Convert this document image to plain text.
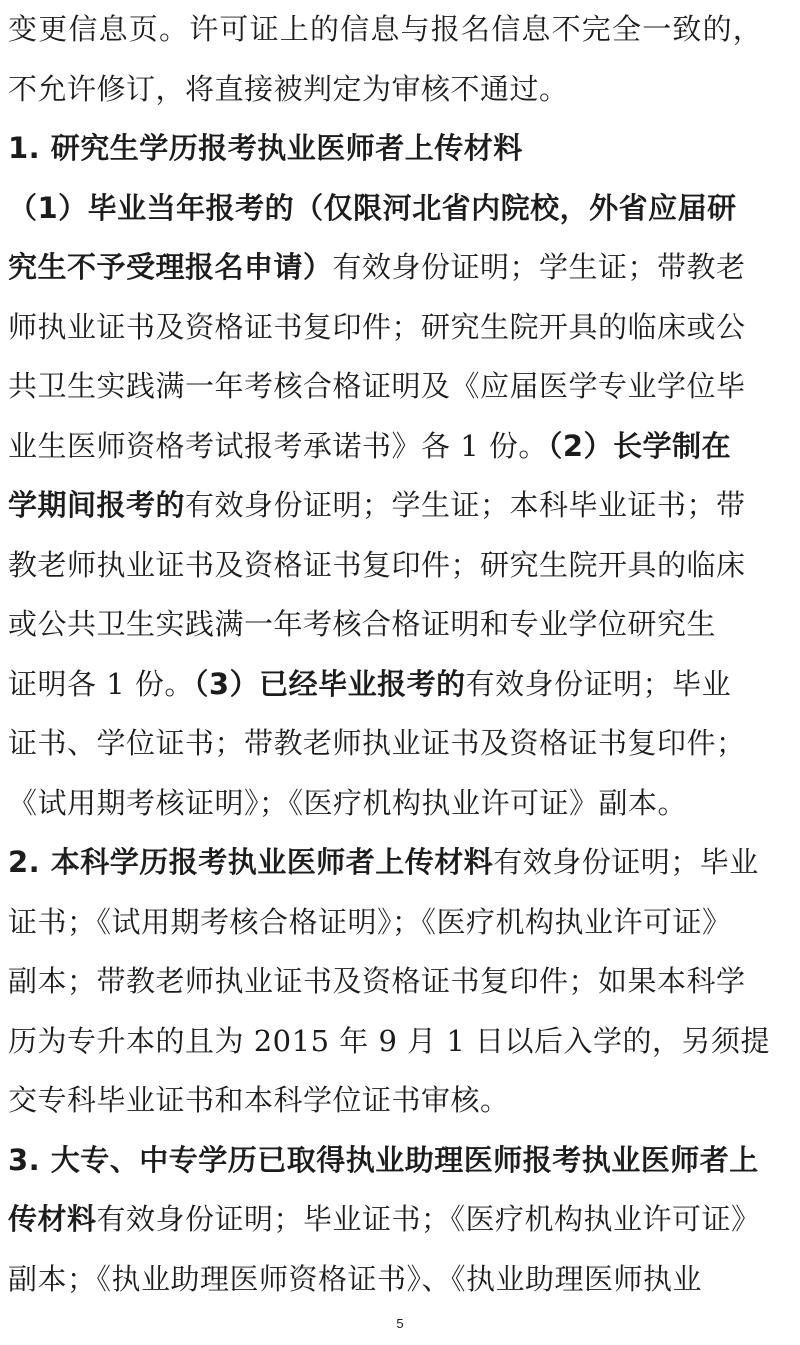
变更信息页。许可证上的信息与报名信息不完全一致的，
不允许修订，将直接被判定为审核不通过。
1. 研究生学历报考执业医师者上传材料
（1）毕业当年报考的（仅限河北省内院校，外省应届研
究生不予受理报名申请）有效身份证明；学生证；带教老
师执业证书及资格证书复印件；研究生院开具的临床或公
共卫生实践满一年考核合格证明及《应届医学专业学位毕
业生医师资格考试报考承诺书》各 1 份。（2）长学制在
学期间报考的有效身份证明；学生证；本科毕业证书；带
教老师执业证书及资格证书复印件；研究生院开具的临床
或公共卫生实践满一年考核合格证明和专业学位研究生
证明各 1 份。（3）已经毕业报考的有效身份证明；毕业
证书、学位证书；带教老师执业证书及资格证书复印件；
《试用期考核证明》；《医疗机构执业许可证》副本。
2. 本科学历报考执业医师者上传材料有效身份证明；毕业
证书；《试用期考核合格证明》；《医疗机构执业许可证》
副本；带教老师执业证书及资格证书复印件；如果本科学
历为专升本的且为 2015 年 9 月 1 日以后入学的，另须提
交专科毕业证书和本科学位证书审核。
3. 大专、中专学历已取得执业助理医师报考执业医师者上
传材料有效身份证明；毕业证书；《医疗机构执业许可证》
副本；《执业助理医师资格证书》、《执业助理医师执业
5
